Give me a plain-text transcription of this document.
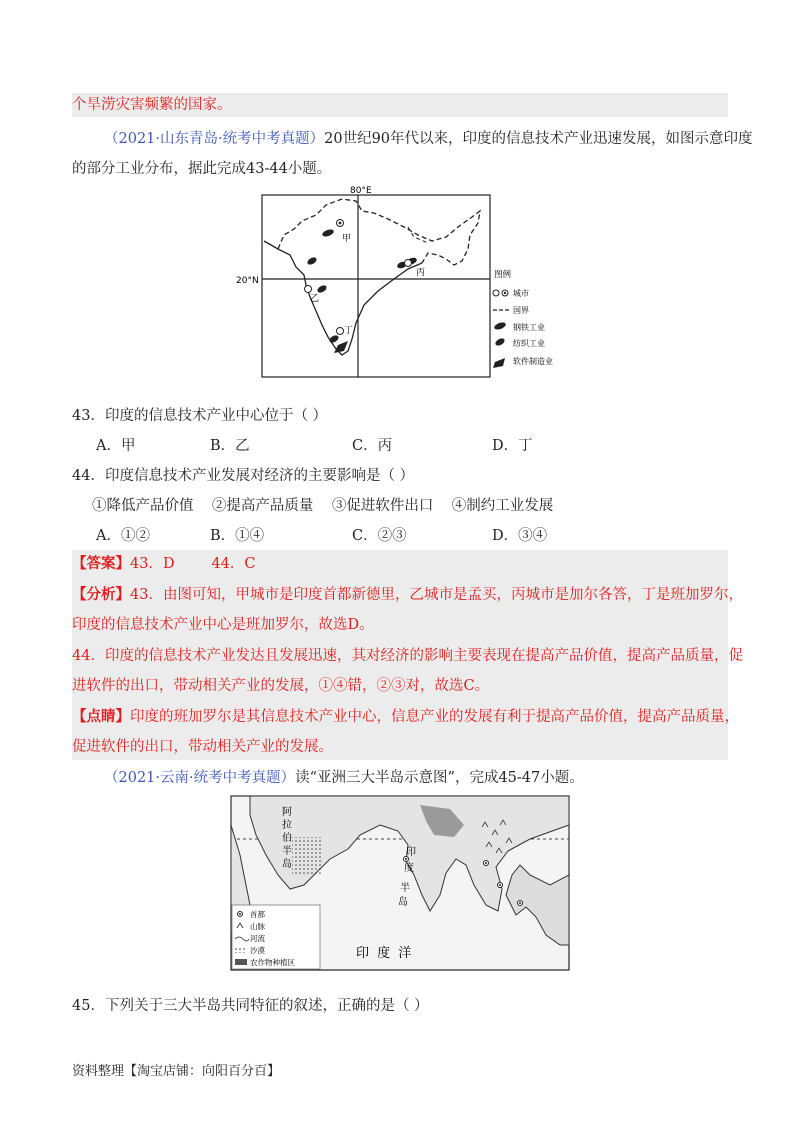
个旱涝灾害频繁的国家。
（2021·山东青岛·统考中考真题）20世纪90年代以来，印度的信息技术产业迅速发展，如图示意印度
的部分工业分布，据此完成43-44小题。
80°E
20°N
甲
乙
丙
丁
图例
城市
国界
钢铁工业
纺织工业
软件制造业
43．印度的信息技术产业中心位于（ ）
A．甲	B．乙	C．丙	D．丁
44．印度信息技术产业发展对经济的主要影响是（ ）
①降低产品价值    ②提高产品质量    ③促进软件出口    ④制约工业发展
A．①②	B．①④	C．②③	D．③④
【答案】43．D        44．C
【分析】43．由图可知，甲城市是印度首都新德里，乙城市是孟买，丙城市是加尔各答，丁是班加罗尔，
印度的信息技术产业中心是班加罗尔，故选D。
44．印度的信息技术产业发达且发展迅速，其对经济的影响主要表现在提高产品价值，提高产品质量，促
进软件的出口，带动相关产业的发展，①④错，②③对，故选C。
【点睛】印度的班加罗尔是其信息技术产业中心，信息产业的发展有利于提高产品价值，提高产品质量，
促进软件的出口，带动相关产业的发展。
（2021·云南·统考中考真题）读“亚洲三大半岛示意图”，完成45-47小题。
阿
拉
伯
半
岛
印
度
半
岛
印 度 洋
首都
山脉
河流
沙漠
农作物种植区
45．下列关于三大半岛共同特征的叙述，正确的是（ ）
资料整理【淘宝店铺：向阳百分百】
